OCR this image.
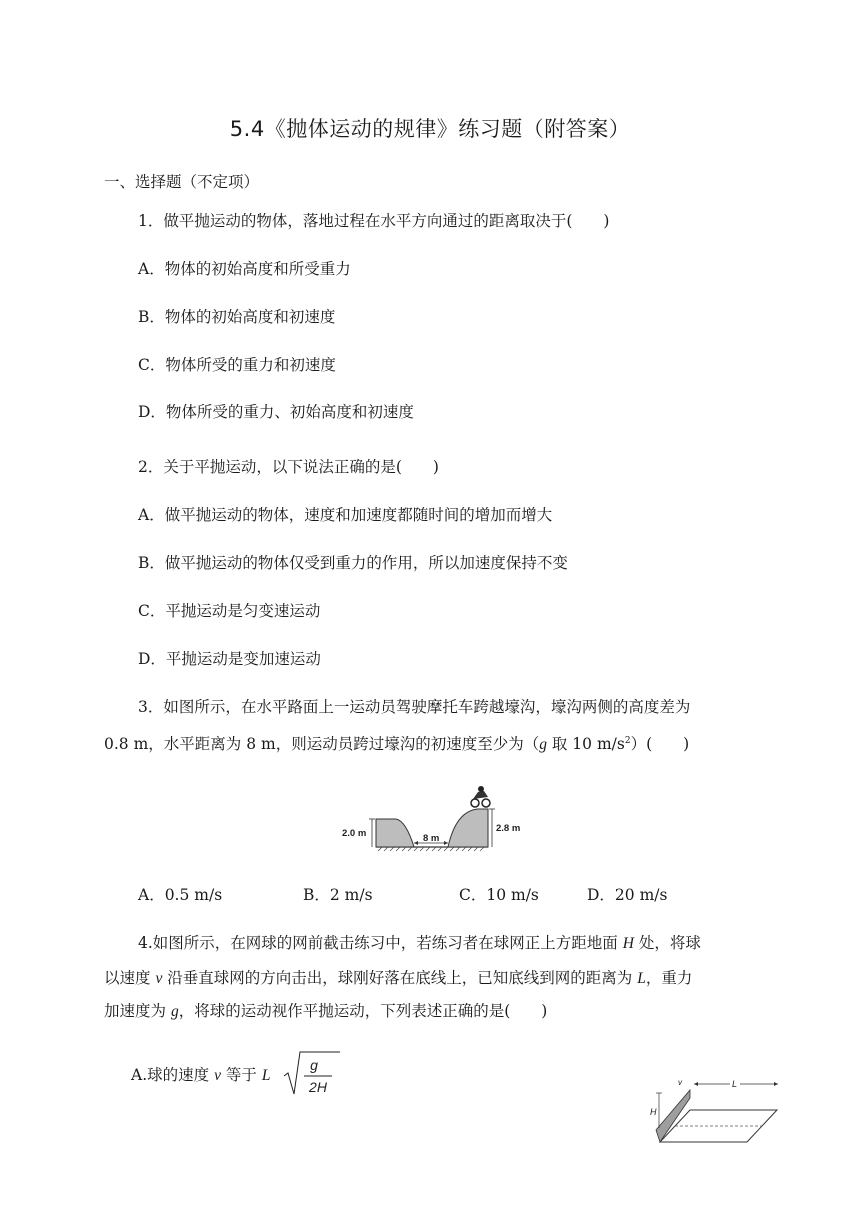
5.4《抛体运动的规律》练习题（附答案）
一、选择题（不定项）
1．做平抛运动的物体，落地过程在水平方向通过的距离取决于(　　)
A．物体的初始高度和所受重力
B．物体的初始高度和初速度
C．物体所受的重力和初速度
D．物体所受的重力、初始高度和初速度
2．关于平抛运动，以下说法正确的是(　　)
A．做平抛运动的物体，速度和加速度都随时间的增加而增大
B．做平抛运动的物体仅受到重力的作用，所以加速度保持不变
C．平抛运动是匀变速运动
D．平抛运动是变加速运动
3．如图所示，在水平路面上一运动员驾驶摩托车跨越壕沟，壕沟两侧的高度差为
0.8 m，水平距离为 8 m，则运动员跨过壕沟的初速度至少为（g 取 10 $m/s^2$）(　　)
2.0 m	8 m
2.8 m
A．0.5 m/s	B．2 m/s	C．10 m/s	D．20 m/s
4.如图所示，在网球的网前截击练习中，若练习者在球网正上方距地面 H 处，将球
以速度 v 沿垂直球网的方向击出，球刚好落在底线上，已知底线到网的距离为 L，重力
加速度为 g，将球的运动视作平抛运动，下列表述正确的是(　　)
A.球的速度 v 等于 L
g
2H
H
v	L
